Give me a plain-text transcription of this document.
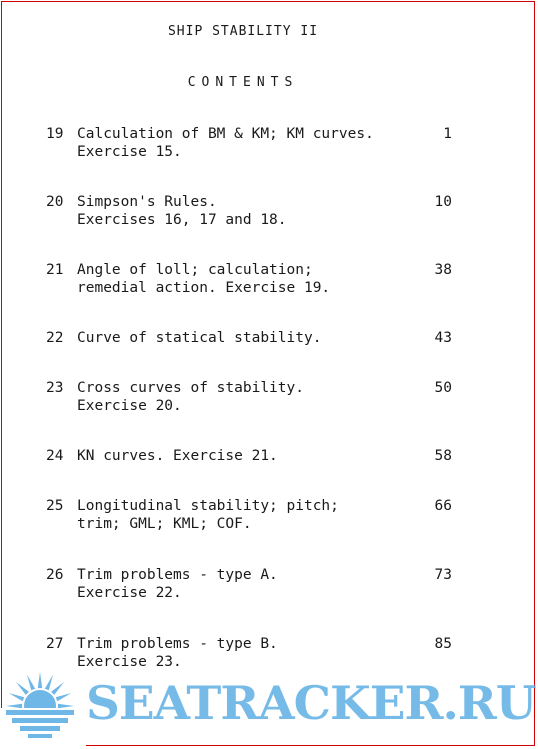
SHIP STABILITY II
CONTENTS
19 Calculation of BM & KM; KM curves.
Exercise 15.
1
20 Simpson's Rules.
Exercises 16, 17 and 18.
10
21 Angle of loll; calculation;
remedial action. Exercise 19.
38
22 Curve of statical stability.	43
23 Cross curves of stability.
Exercise 20.
50
24 KN curves. Exercise 21.	58
25 Longitudinal stability; pitch;
trim; GML; KML; COF.
66
26 Trim problems - type A.
Exercise 22.
73
27 Trim problems - type B.
Exercise 23.
85
SEATRACKER.RU
